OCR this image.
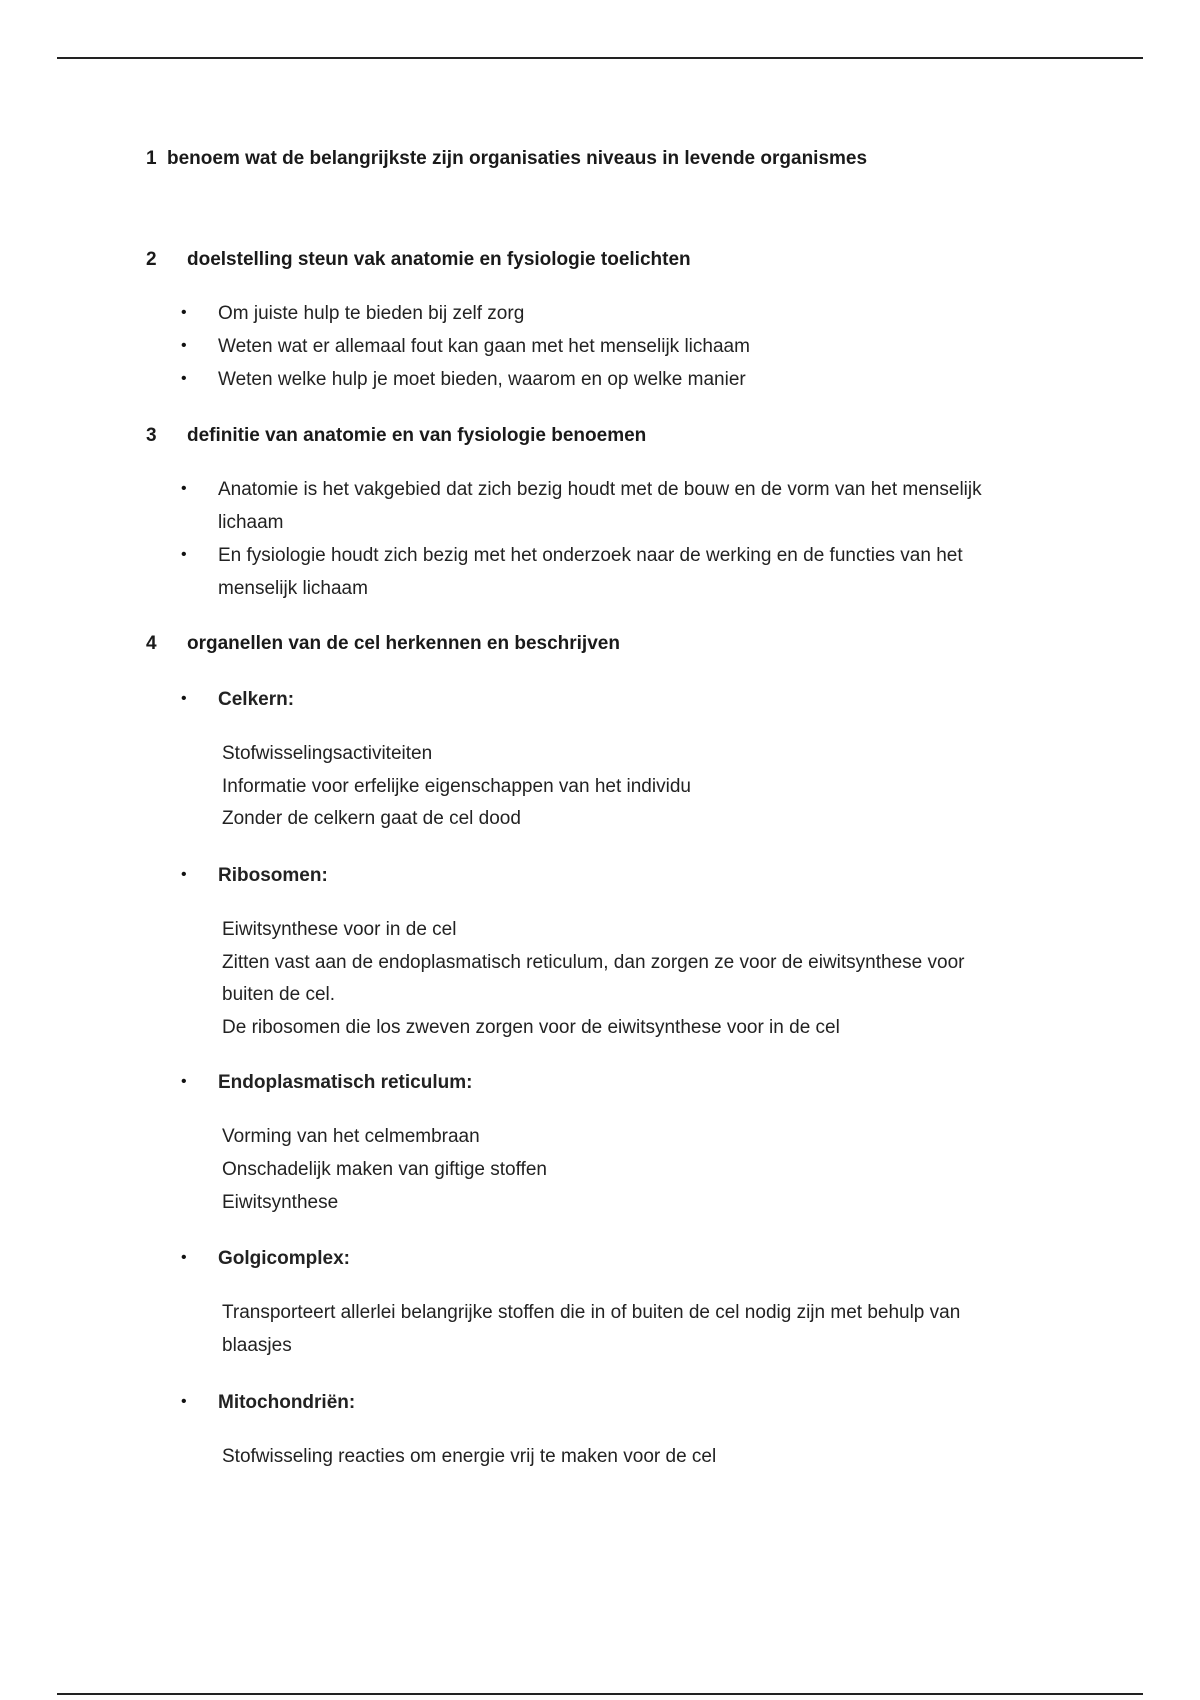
1 benoem wat de belangrijkste zijn organisaties niveaus in levende organismes
2 doelstelling steun vak anatomie en fysiologie toelichten
• Om juiste hulp te bieden bij zelf zorg
• Weten wat er allemaal fout kan gaan met het menselijk lichaam
• Weten welke hulp je moet bieden, waarom en op welke manier
3 definitie van anatomie en van fysiologie benoemen
• Anatomie is het vakgebied dat zich bezig houdt met de bouw en de vorm van het menselijk
lichaam
• En fysiologie houdt zich bezig met het onderzoek naar de werking en de functies van het
menselijk lichaam
4 organellen van de cel herkennen en beschrijven
• Celkern:
Stofwisselingsactiviteiten
Informatie voor erfelijke eigenschappen van het individu
Zonder de celkern gaat de cel dood
• Ribosomen:
Eiwitsynthese voor in de cel
Zitten vast aan de endoplasmatisch reticulum, dan zorgen ze voor de eiwitsynthese voor
buiten de cel.
De ribosomen die los zweven zorgen voor de eiwitsynthese voor in de cel
• Endoplasmatisch reticulum:
Vorming van het celmembraan
Onschadelijk maken van giftige stoffen
Eiwitsynthese
• Golgicomplex:
Transporteert allerlei belangrijke stoffen die in of buiten de cel nodig zijn met behulp van
blaasjes
• Mitochondriën:
Stofwisseling reacties om energie vrij te maken voor de cel
